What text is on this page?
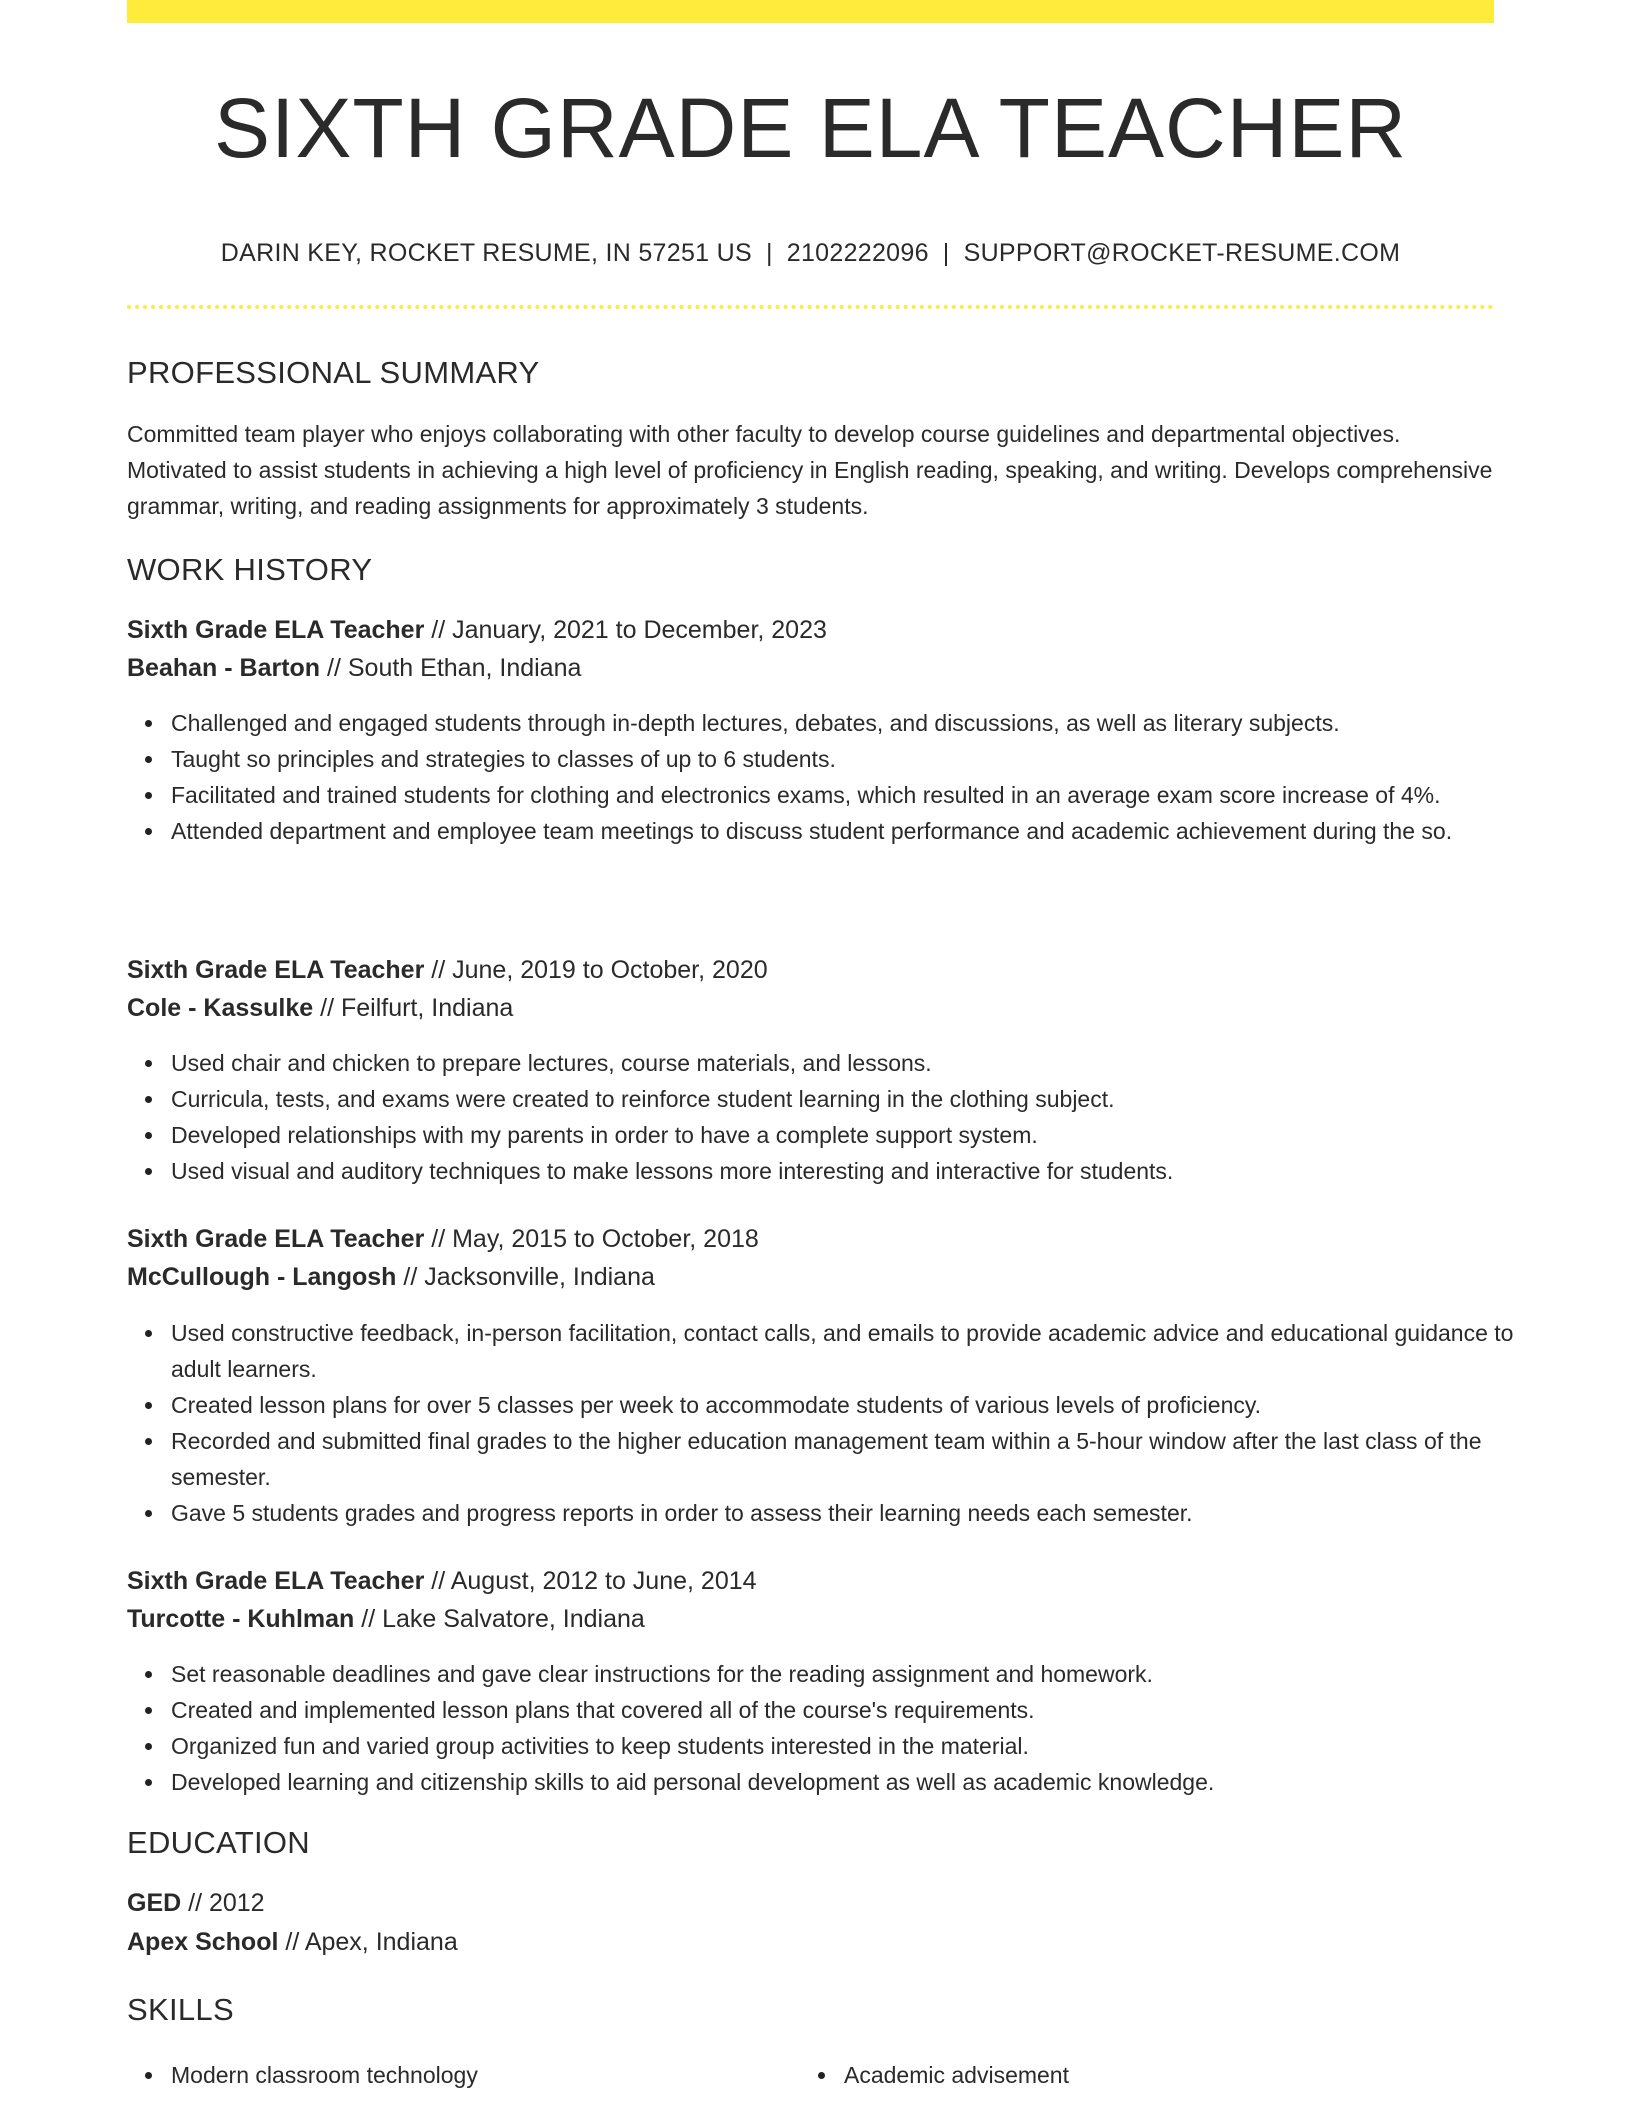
SIXTH GRADE ELA TEACHER
DARIN KEY, ROCKET RESUME, IN 57251 US | 2102222096 | SUPPORT@ROCKET-RESUME.COM
PROFESSIONAL SUMMARY

Committed team player who enjoys collaborating with other faculty to develop course guidelines and departmental objectives. Motivated to assist students in achieving a high level of proficiency in English reading, speaking, and writing. Develops comprehensive grammar, writing, and reading assignments for approximately 3 students.

WORK HISTORY
Sixth Grade ELA Teacher // January, 2021 to December, 2023
Beahan - Barton // South Ethan, Indiana
Challenged and engaged students through in-depth lectures, debates, and discussions, as well as literary subjects.
Taught so principles and strategies to classes of up to 6 students.
Facilitated and trained students for clothing and electronics exams, which resulted in an average exam score increase of 4%.
Attended department and employee team meetings to discuss student performance and academic achievement during the so.
Sixth Grade ELA Teacher // June, 2019 to October, 2020
Cole - Kassulke // Feilfurt, Indiana
Used chair and chicken to prepare lectures, course materials, and lessons.
Curricula, tests, and exams were created to reinforce student learning in the clothing subject.
Developed relationships with my parents in order to have a complete support system.
Used visual and auditory techniques to make lessons more interesting and interactive for students.
Sixth Grade ELA Teacher // May, 2015 to October, 2018
McCullough - Langosh // Jacksonville, Indiana
Used constructive feedback, in-person facilitation, contact calls, and emails to provide academic advice and educational guidance to adult learners.
Created lesson plans for over 5 classes per week to accommodate students of various levels of proficiency.
Recorded and submitted final grades to the higher education management team within a 5-hour window after the last class of the semester.
Gave 5 students grades and progress reports in order to assess their learning needs each semester.
Sixth Grade ELA Teacher // August, 2012 to June, 2014
Turcotte - Kuhlman // Lake Salvatore, Indiana
Set reasonable deadlines and gave clear instructions for the reading assignment and homework.
Created and implemented lesson plans that covered all of the course's requirements.
Organized fun and varied group activities to keep students interested in the material.
Developed learning and citizenship skills to aid personal development as well as academic knowledge.
EDUCATION
GED // 2012
Apex School // Apex, Indiana
SKILLS
Modern classroom technology	Academic advisement
